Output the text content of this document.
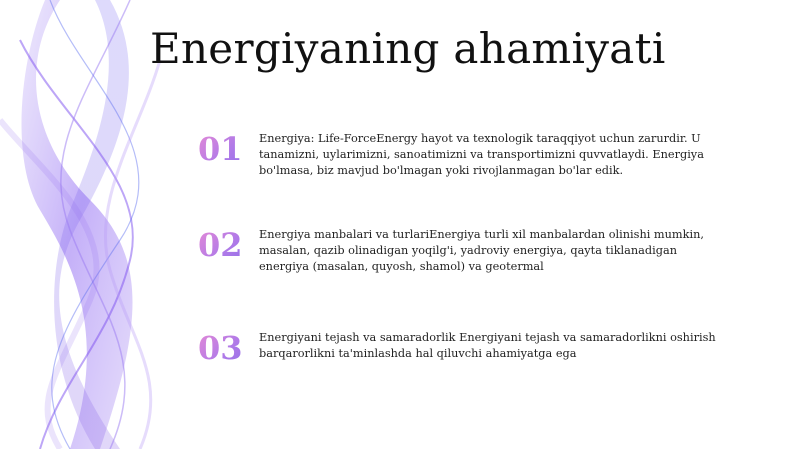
Energiyaning ahamiyati
01	Energiya: Life-ForceEnergy hayot va texnologik taraqqiyot uchun zarurdir. U tanamizni, uylarimizni, sanoatimizni va transportimizni quvvatlaydi. Energiya bo'lmasa, biz mavjud bo'lmagan yoki rivojlanmagan bo'lar edik.
02	Energiya manbalari va turlariEnergiya turli xil manbalardan olinishi mumkin, masalan, qazib olinadigan yoqilg'i, yadroviy energiya, qayta tiklanadigan energiya (masalan, quyosh, shamol) va geotermal
03	Energiyani tejash va samaradorlik Energiyani tejash va samaradorlikni oshirish barqarorlikni ta'minlashda hal qiluvchi ahamiyatga ega
